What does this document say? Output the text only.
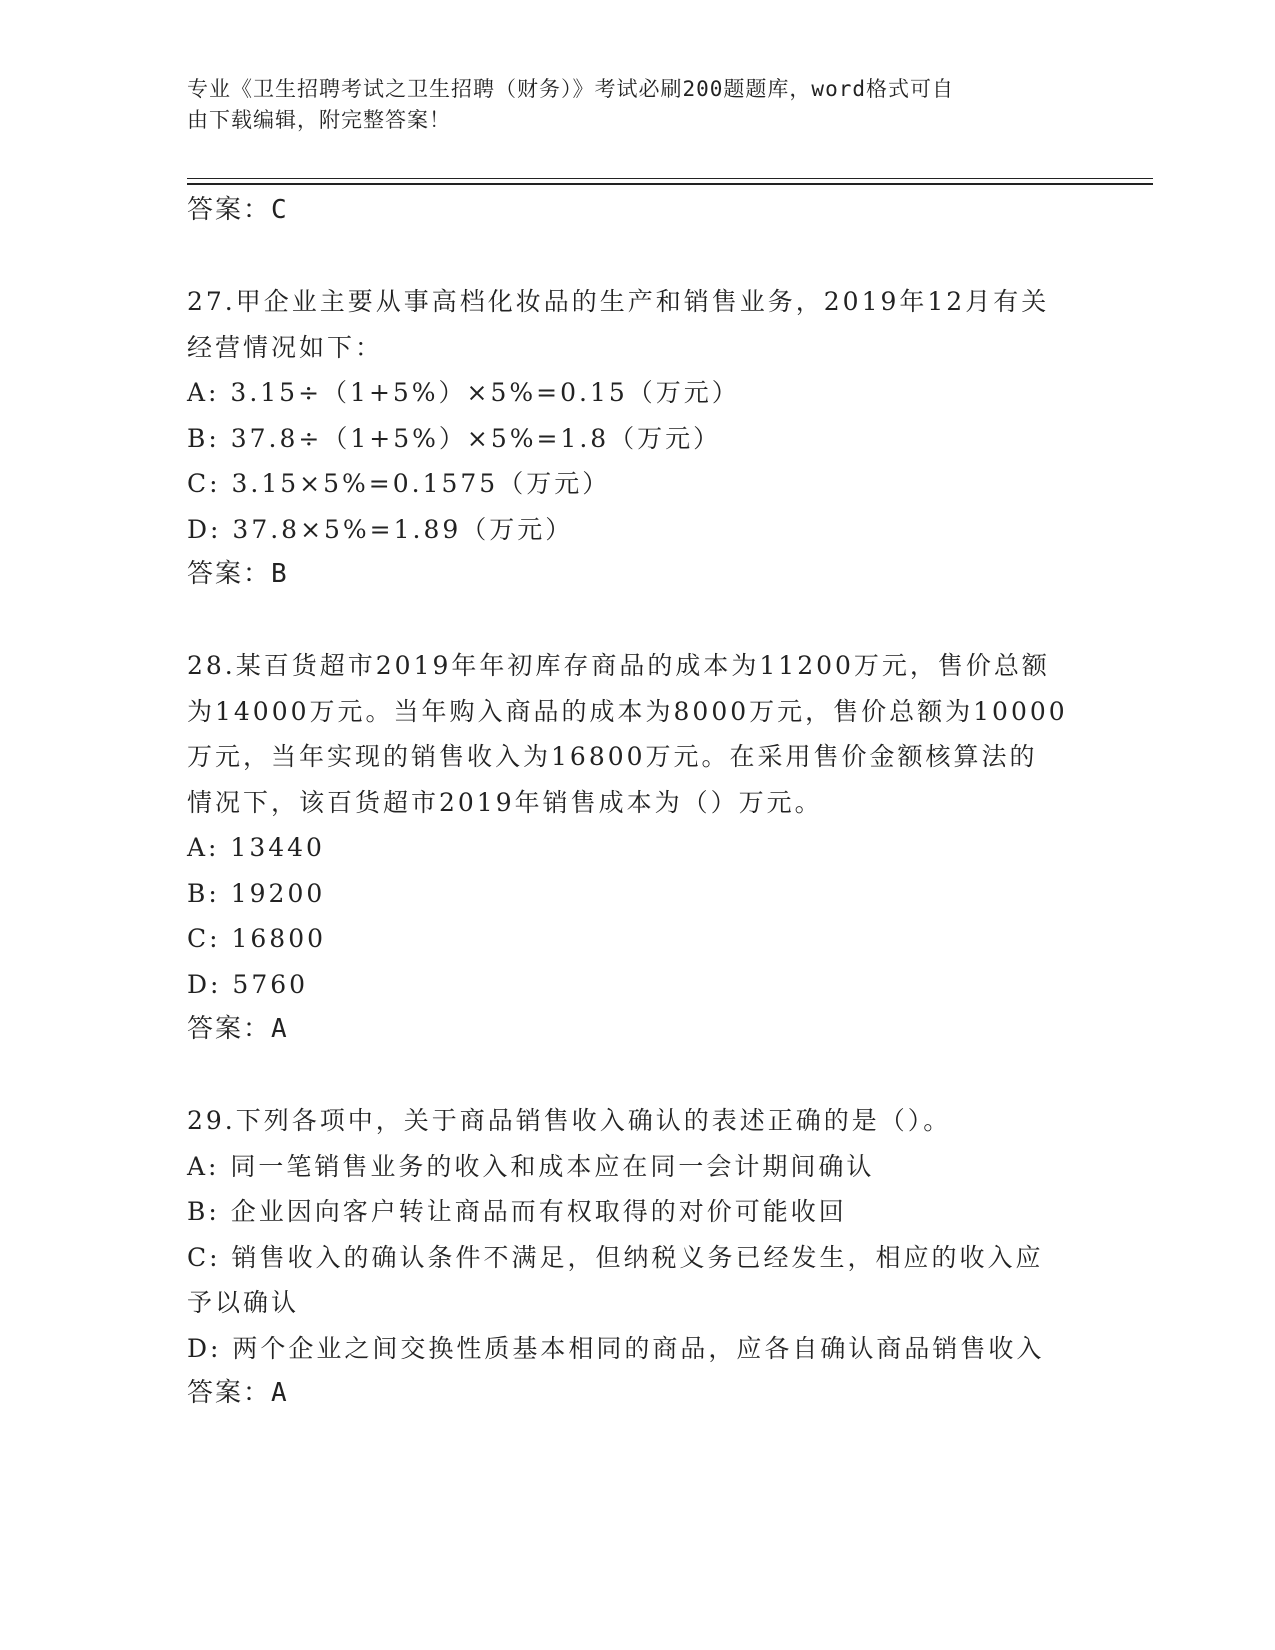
专业《卫生招聘考试之卫生招聘（财务）》考试必刷200题题库，word格式可自
由下载编辑，附完整答案！

答案：C

27.甲企业主要从事高档化妆品的生产和销售业务，2019年12月有关

经营情况如下：

A: 3.15÷（1+5%）×5%=0.15（万元）

B: 37.8÷（1+5%）×5%=1.8（万元）

C: 3.15×5%=0.1575（万元）

D: 37.8×5%=1.89（万元）

答案：B

28.某百货超市2019年年初库存商品的成本为11200万元，售价总额

为14000万元。当年购入商品的成本为8000万元，售价总额为10000

万元，当年实现的销售收入为16800万元。在采用售价金额核算法的

情况下，该百货超市2019年销售成本为（）万元。

A: 13440

B: 19200

C: 16800

D: 5760

答案：A

29.下列各项中，关于商品销售收入确认的表述正确的是（）。

A: 同一笔销售业务的收入和成本应在同一会计期间确认

B: 企业因向客户转让商品而有权取得的对价可能收回

C: 销售收入的确认条件不满足，但纳税义务已经发生，相应的收入应

予以确认

D: 两个企业之间交换性质基本相同的商品，应各自确认商品销售收入

答案：A
